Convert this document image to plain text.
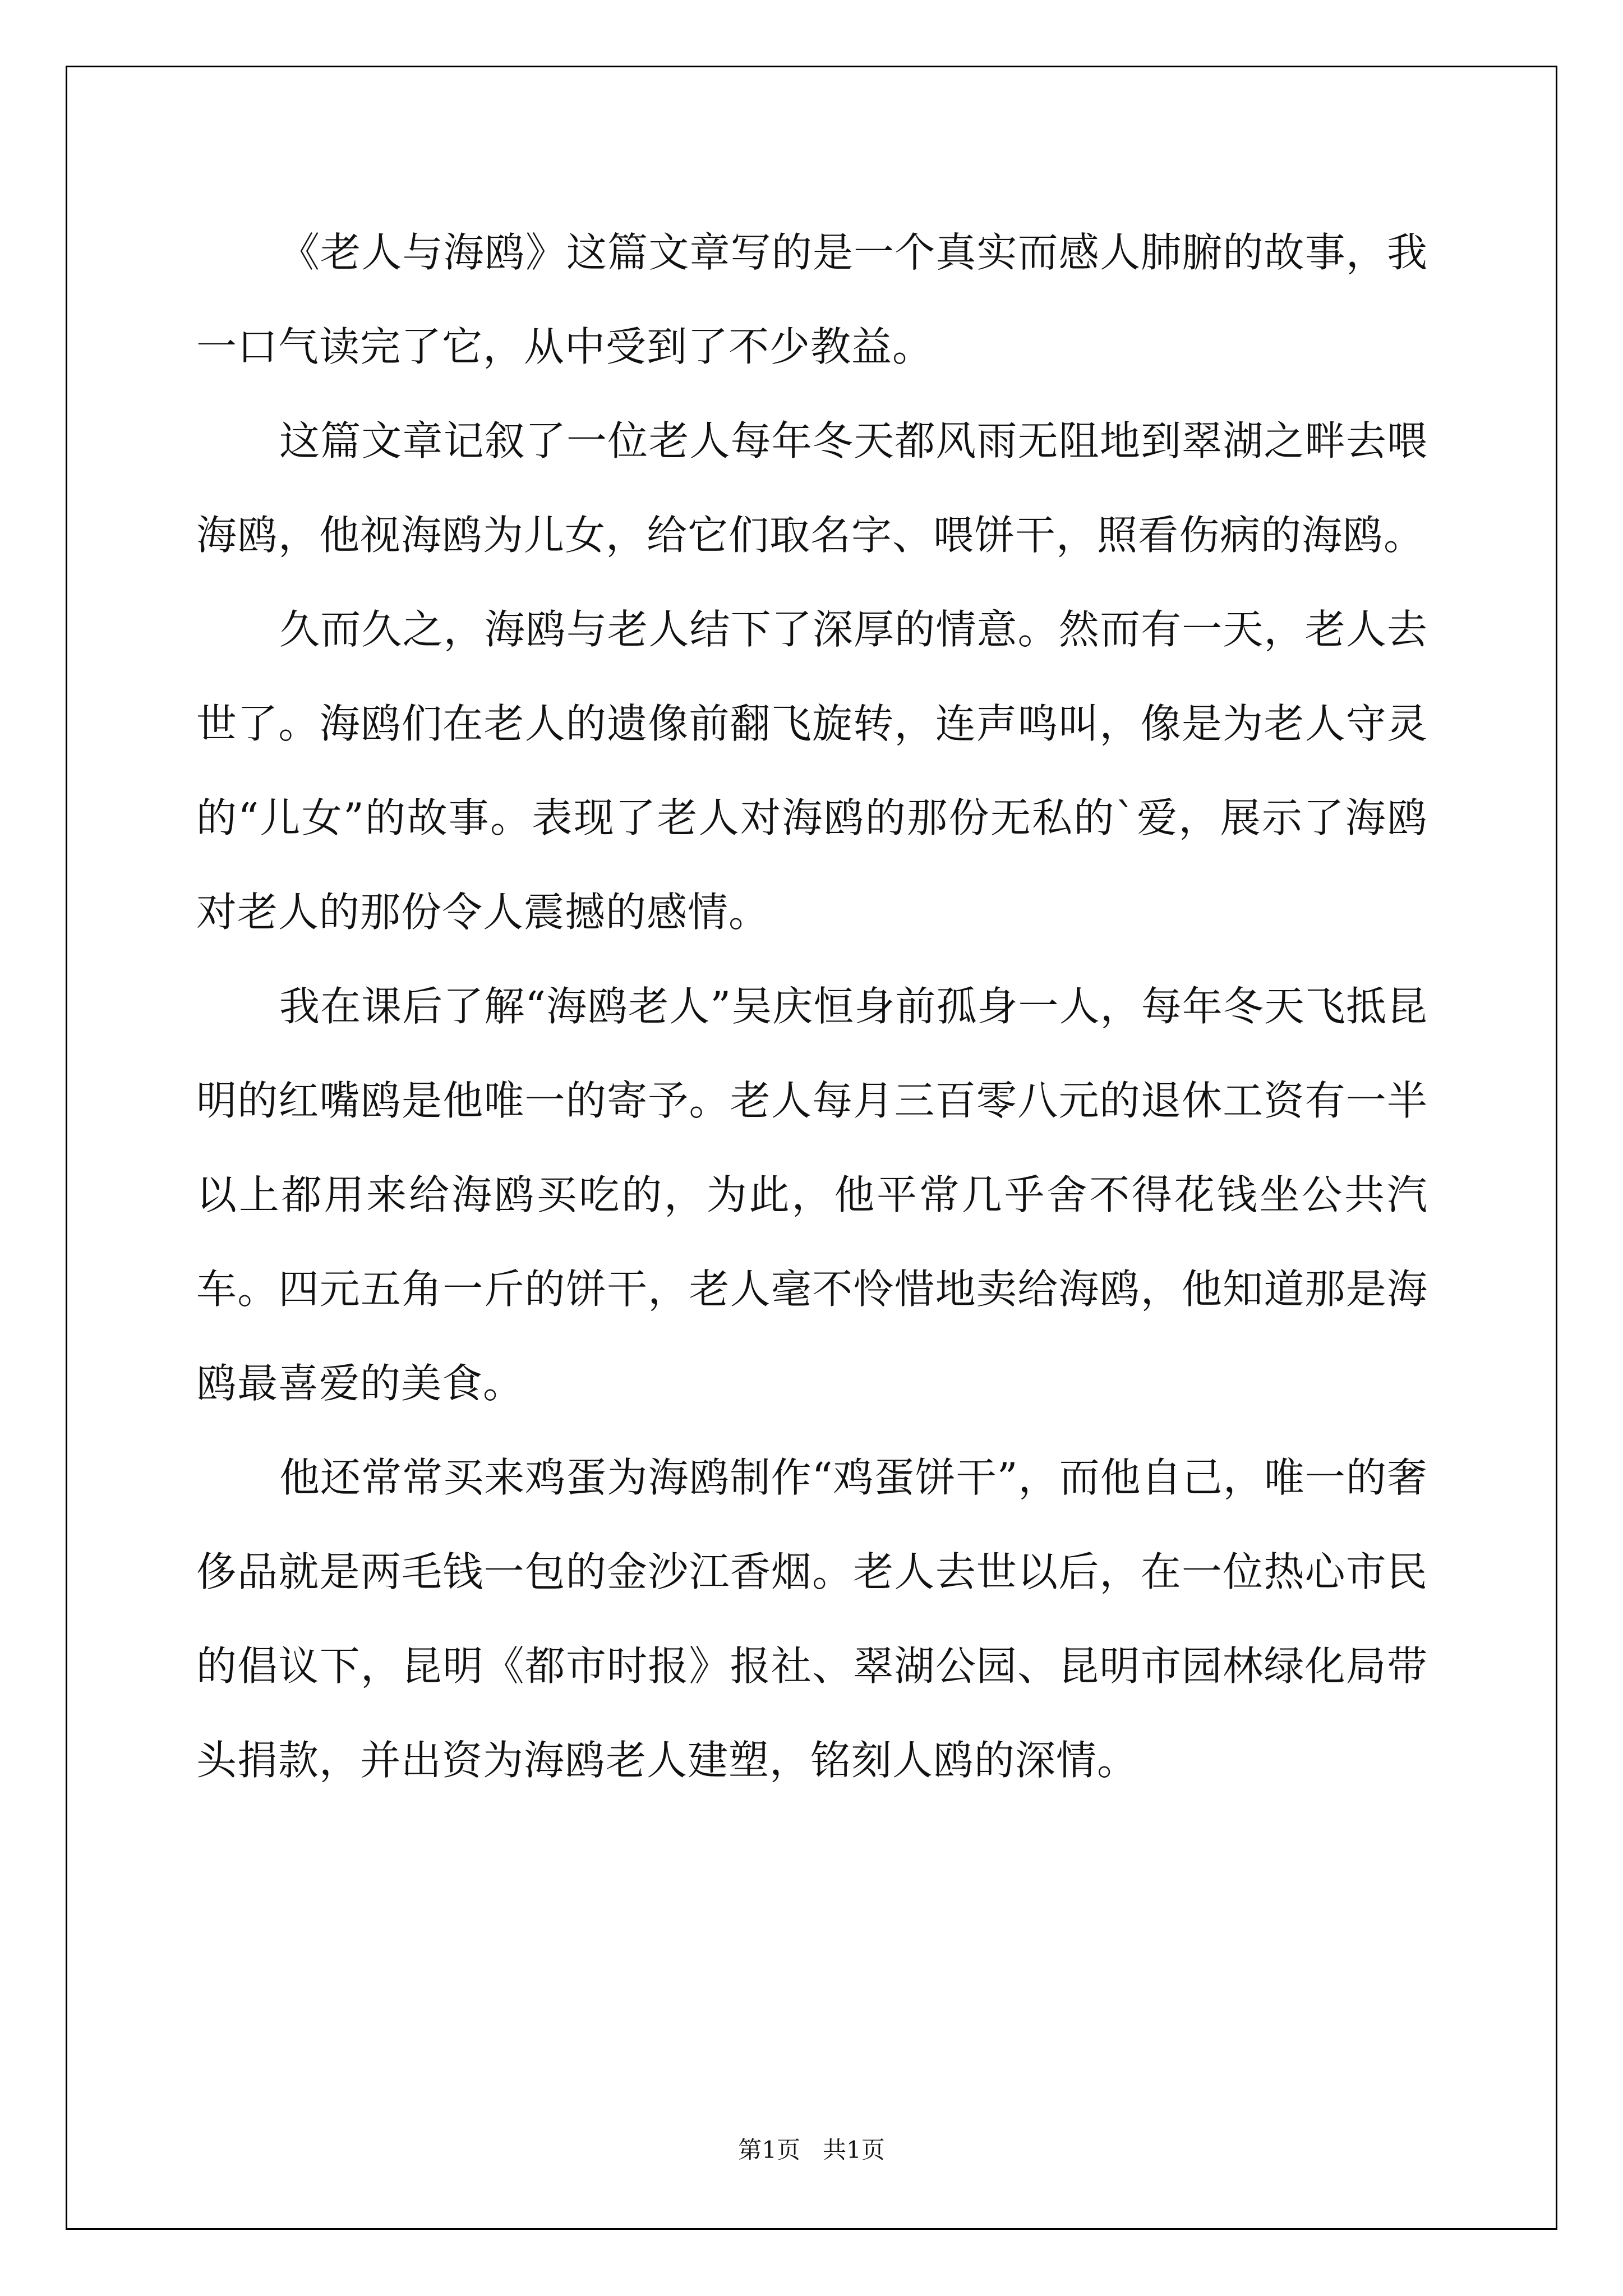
《老人与海鸥》这篇文章写的是一个真实而感人肺腑的故事，我一口气读完了它，从中受到了不少教益。

这篇文章记叙了一位老人每年冬天都风雨无阻地到翠湖之畔去喂海鸥，他视海鸥为儿女，给它们取名字、喂饼干，照看伤病的海鸥。

久而久之，海鸥与老人结下了深厚的情意。然而有一天，老人去世了。海鸥们在老人的遗像前翻飞旋转，连声鸣叫，像是为老人守灵的“儿女”的故事。表现了老人对海鸥的那份无私的`爱，展示了海鸥对老人的那份令人震撼的感情。

我在课后了解“海鸥老人”吴庆恒身前孤身一人，每年冬天飞抵昆明的红嘴鸥是他唯一的寄予。老人每月三百零八元的退休工资有一半以上都用来给海鸥买吃的，为此，他平常几乎舍不得花钱坐公共汽车。四元五角一斤的饼干，老人毫不怜惜地卖给海鸥，他知道那是海鸥最喜爱的美食。

他还常常买来鸡蛋为海鸥制作“鸡蛋饼干”，而他自己，唯一的奢侈品就是两毛钱一包的金沙江香烟。老人去世以后，在一位热心市民的倡议下，昆明《都市时报》报社、翠湖公园、昆明市园林绿化局带头捐款，并出资为海鸥老人建塑，铭刻人鸥的深情。

第1页   共1页
